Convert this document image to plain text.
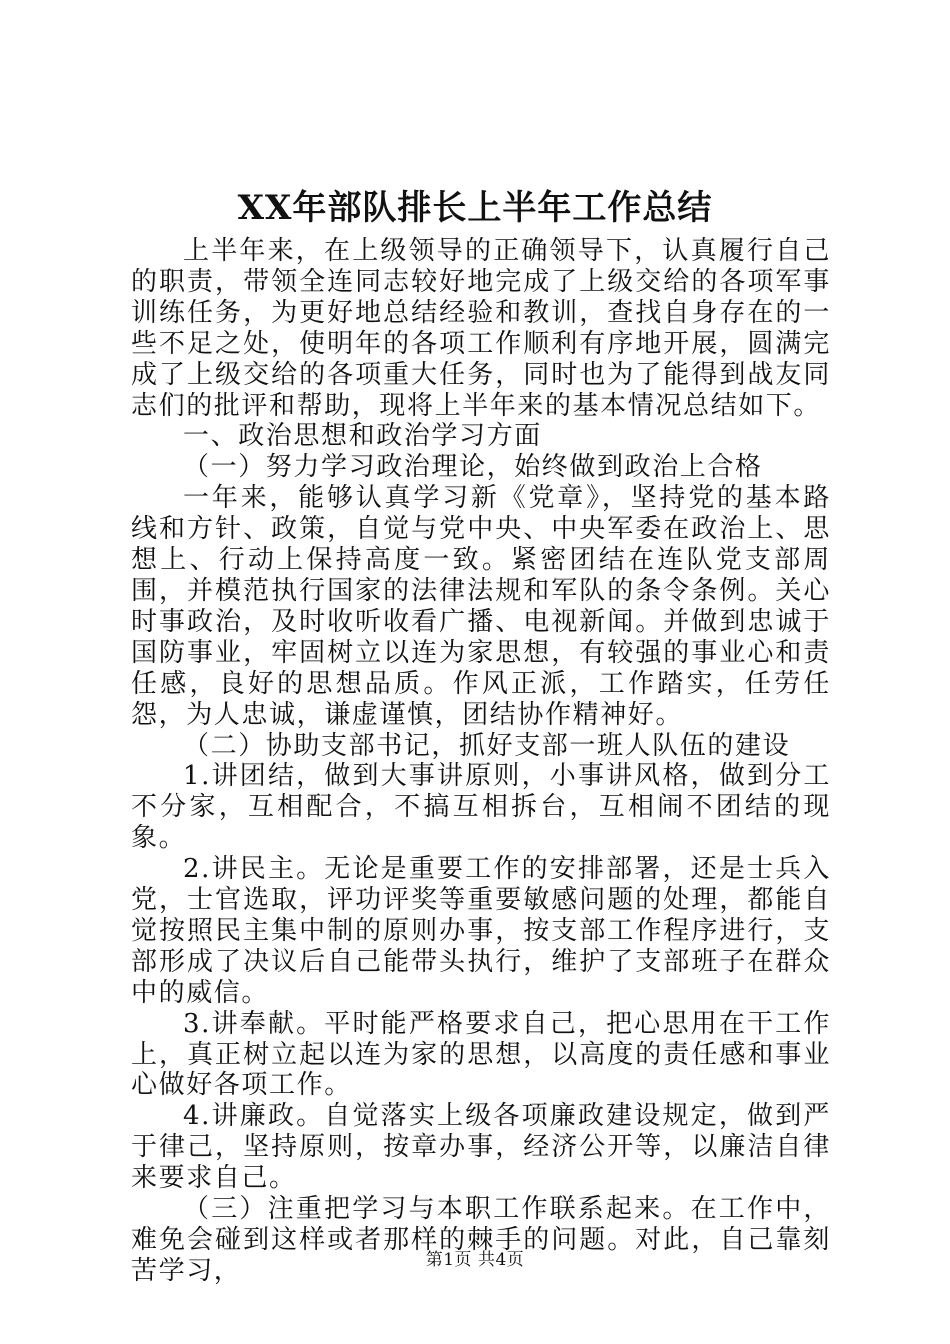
XX年部队排长上半年工作总结

上半年来，在上级领导的正确领导下，认真履行自己的职责，带领全连同志较好地完成了上级交给的各项军事训练任务，为更好地总结经验和教训，查找自身存在的一些不足之处，使明年的各项工作顺利有序地开展，圆满完成了上级交给的各项重大任务，同时也为了能得到战友同志们的批评和帮助，现将上半年来的基本情况总结如下。

一、政治思想和政治学习方面

（一）努力学习政治理论，始终做到政治上合格

一年来，能够认真学习新《党章》，坚持党的基本路线和方针、政策，自觉与党中央、中央军委在政治上、思想上、行动上保持高度一致。紧密团结在连队党支部周围，并模范执行国家的法律法规和军队的条令条例。关心时事政治，及时收听收看广播、电视新闻。并做到忠诚于国防事业，牢固树立以连为家思想，有较强的事业心和责任感，良好的思想品质。作风正派，工作踏实，任劳任怨，为人忠诚，谦虚谨慎，团结协作精神好。

（二）协助支部书记，抓好支部一班人队伍的建设

1.讲团结，做到大事讲原则，小事讲风格，做到分工不分家，互相配合，不搞互相拆台，互相闹不团结的现象。

2.讲民主。无论是重要工作的安排部署，还是士兵入党，士官选取，评功评奖等重要敏感问题的处理，都能自觉按照民主集中制的原则办事，按支部工作程序进行，支部形成了决议后自己能带头执行，维护了支部班子在群众中的威信。

3.讲奉献。平时能严格要求自己，把心思用在干工作上，真正树立起以连为家的思想，以高度的责任感和事业心做好各项工作。

4.讲廉政。自觉落实上级各项廉政建设规定，做到严于律己，坚持原则，按章办事，经济公开等，以廉洁自律来要求自己。

（三）注重把学习与本职工作联系起来。在工作中，难免会碰到这样或者那样的棘手的问题。对此，自己靠刻苦学习，	第1页 共4页
